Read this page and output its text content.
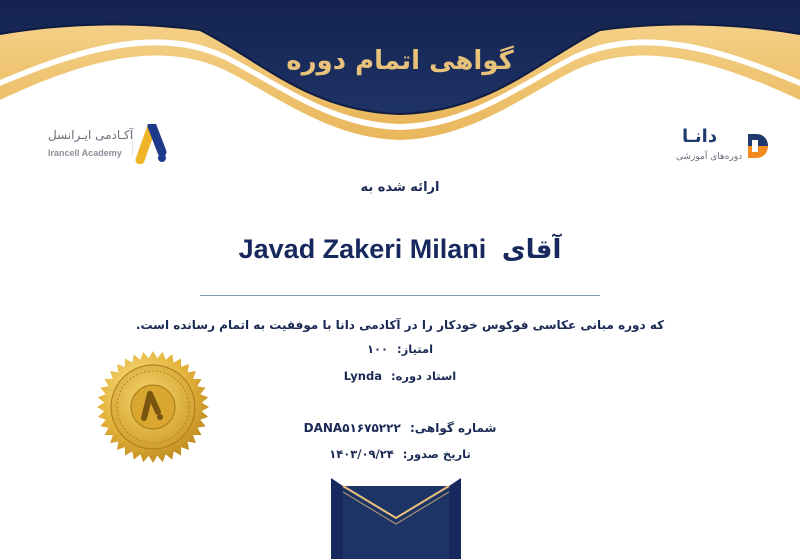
گواهی اتمام دوره
آکـادمی ایـرانسل
Irancell Academy
دانـا
دوره‌های آموزشی
ارائه شده به
آقای Javad Zakeri Milani
که دوره مبانی عکاسی فوکوس خودکار را در آکادمی دانا با موفقیت به اتمام رسانده است.
امتیاز: ۱۰۰
استاد دوره: Lynda
شماره گواهی: DANA۵۱۶۷۵۲۲۲
تاریخ صدور: ۱۴۰۳/۰۹/۲۴
